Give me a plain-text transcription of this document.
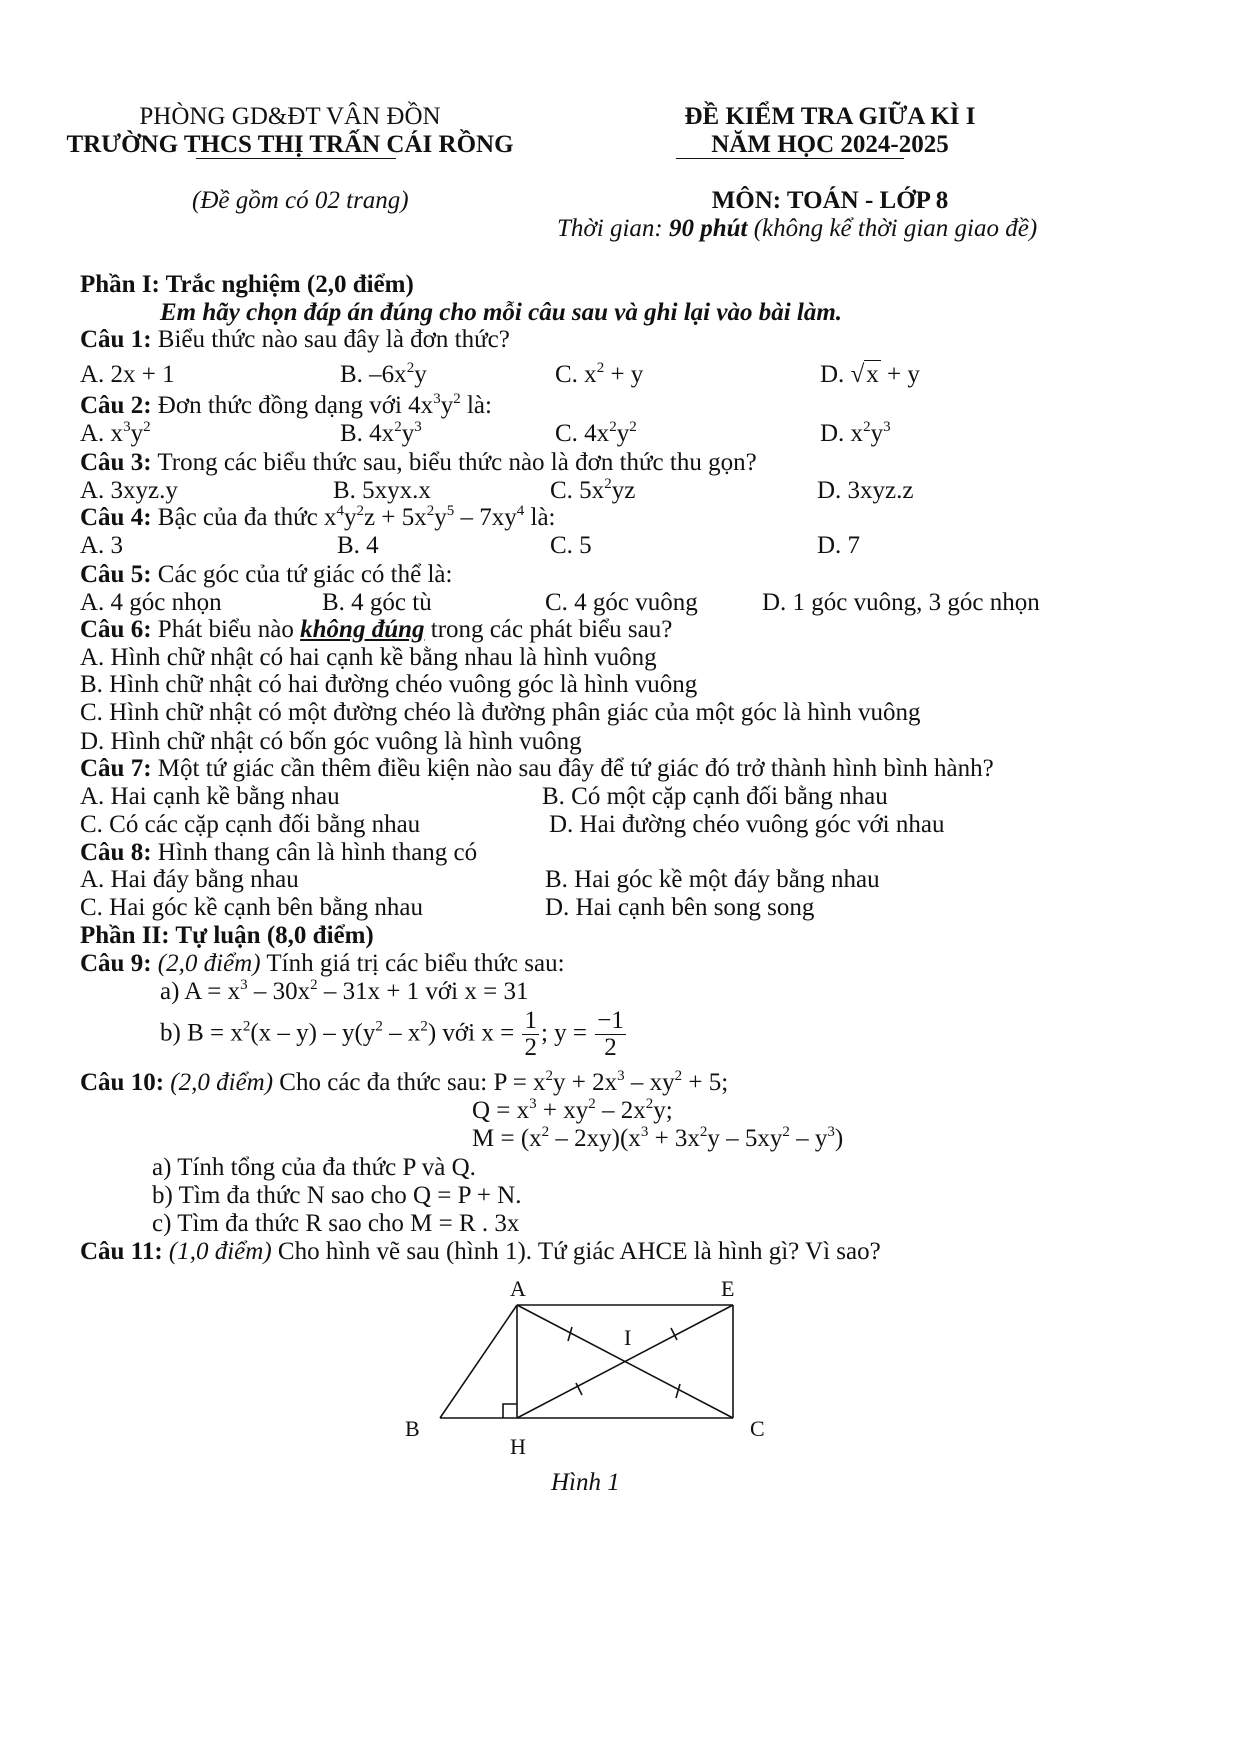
PHÒNG GD&ĐT VÂN ĐỒN
TRƯỜNG THCS THỊ TRẤN CÁI RỒNG
(Đề gồm có 02 trang)
ĐỀ KIỂM TRA GIỮA KÌ I
NĂM HỌC 2024-2025
MÔN: TOÁN - LỚP 8
Thời gian: 90 phút (không kể thời gian giao đề)
Phần I: Trắc nghiệm (2,0 điểm)
Em hãy chọn đáp án đúng cho mỗi câu sau và ghi lại vào bài làm.
Câu 1: Biểu thức nào sau đây là đơn thức?
A. 2x + 1	B. $-6x^2y$	C. $x^2 + y$	D. √x + y
Câu 2: Đơn thức đồng dạng với $4x^3y^2$ là:
A. $x^3y^2$	B. $4x^2y^3$	C. $4x^2y^2$	D. $x^2y^3$
Câu 3: Trong các biểu thức sau, biểu thức nào là đơn thức thu gọn?
A. 3xyz.y	B. 5xyx.x	C. $5x^2yz$	D. 3xyz.z
Câu 4: Bậc của đa thức $x^4y^2z + 5x^2y^5 - 7xy^4$ là:
A. 3	B. 4	C. 5	D. 7
Câu 5: Các góc của tứ giác có thể là:
A. 4 góc nhọn	B. 4 góc tù	C. 4 góc vuông	D. 1 góc vuông, 3 góc nhọn
Câu 6: Phát biểu nào không đúng trong các phát biểu sau?
A. Hình chữ nhật có hai cạnh kề bằng nhau là hình vuông
B. Hình chữ nhật có hai đường chéo vuông góc là hình vuông
C. Hình chữ nhật có một đường chéo là đường phân giác của một góc là hình vuông
D. Hình chữ nhật có bốn góc vuông là hình vuông
Câu 7: Một tứ giác cần thêm điều kiện nào sau đây để tứ giác đó trở thành hình bình hành?
A. Hai cạnh kề bằng nhau	B. Có một cặp cạnh đối bằng nhau
C. Có các cặp cạnh đối bằng nhau	D. Hai đường chéo vuông góc với nhau
Câu 8: Hình thang cân là hình thang có
A. Hai đáy bằng nhau	B. Hai góc kề một đáy bằng nhau
C. Hai góc kề cạnh bên bằng nhau	D. Hai cạnh bên song song
Phần II: Tự luận (8,0 điểm)
Câu 9: (2,0 điểm) Tính giá trị các biểu thức sau:
a) $A = x^3 - 30x^2 - 31x + 1$ với x = 31
b) $B = x^2(x - y) - y(y^2 - x^2)$ với $x = \frac{1}{2}$ ; $y = \frac{-1}{2}$
Câu 10: (2,0 điểm) Cho các đa thức sau: $P = x^2y + 2x^3 - xy^2 + 5$;
$Q = x^3 + xy^2 - 2x^2y$;
$M = (x^2 - 2xy)(x^3 + 3x^2y - 5xy^2 - y^3)$
a) Tính tổng của đa thức P và Q.
b) Tìm đa thức N sao cho Q = P + N.
c) Tìm đa thức R sao cho M = R . 3x
Câu 11: (1,0 điểm) Cho hình vẽ sau (hình 1). Tứ giác AHCE là hình gì? Vì sao?
A	E
I
B
H
C
Hình 1
